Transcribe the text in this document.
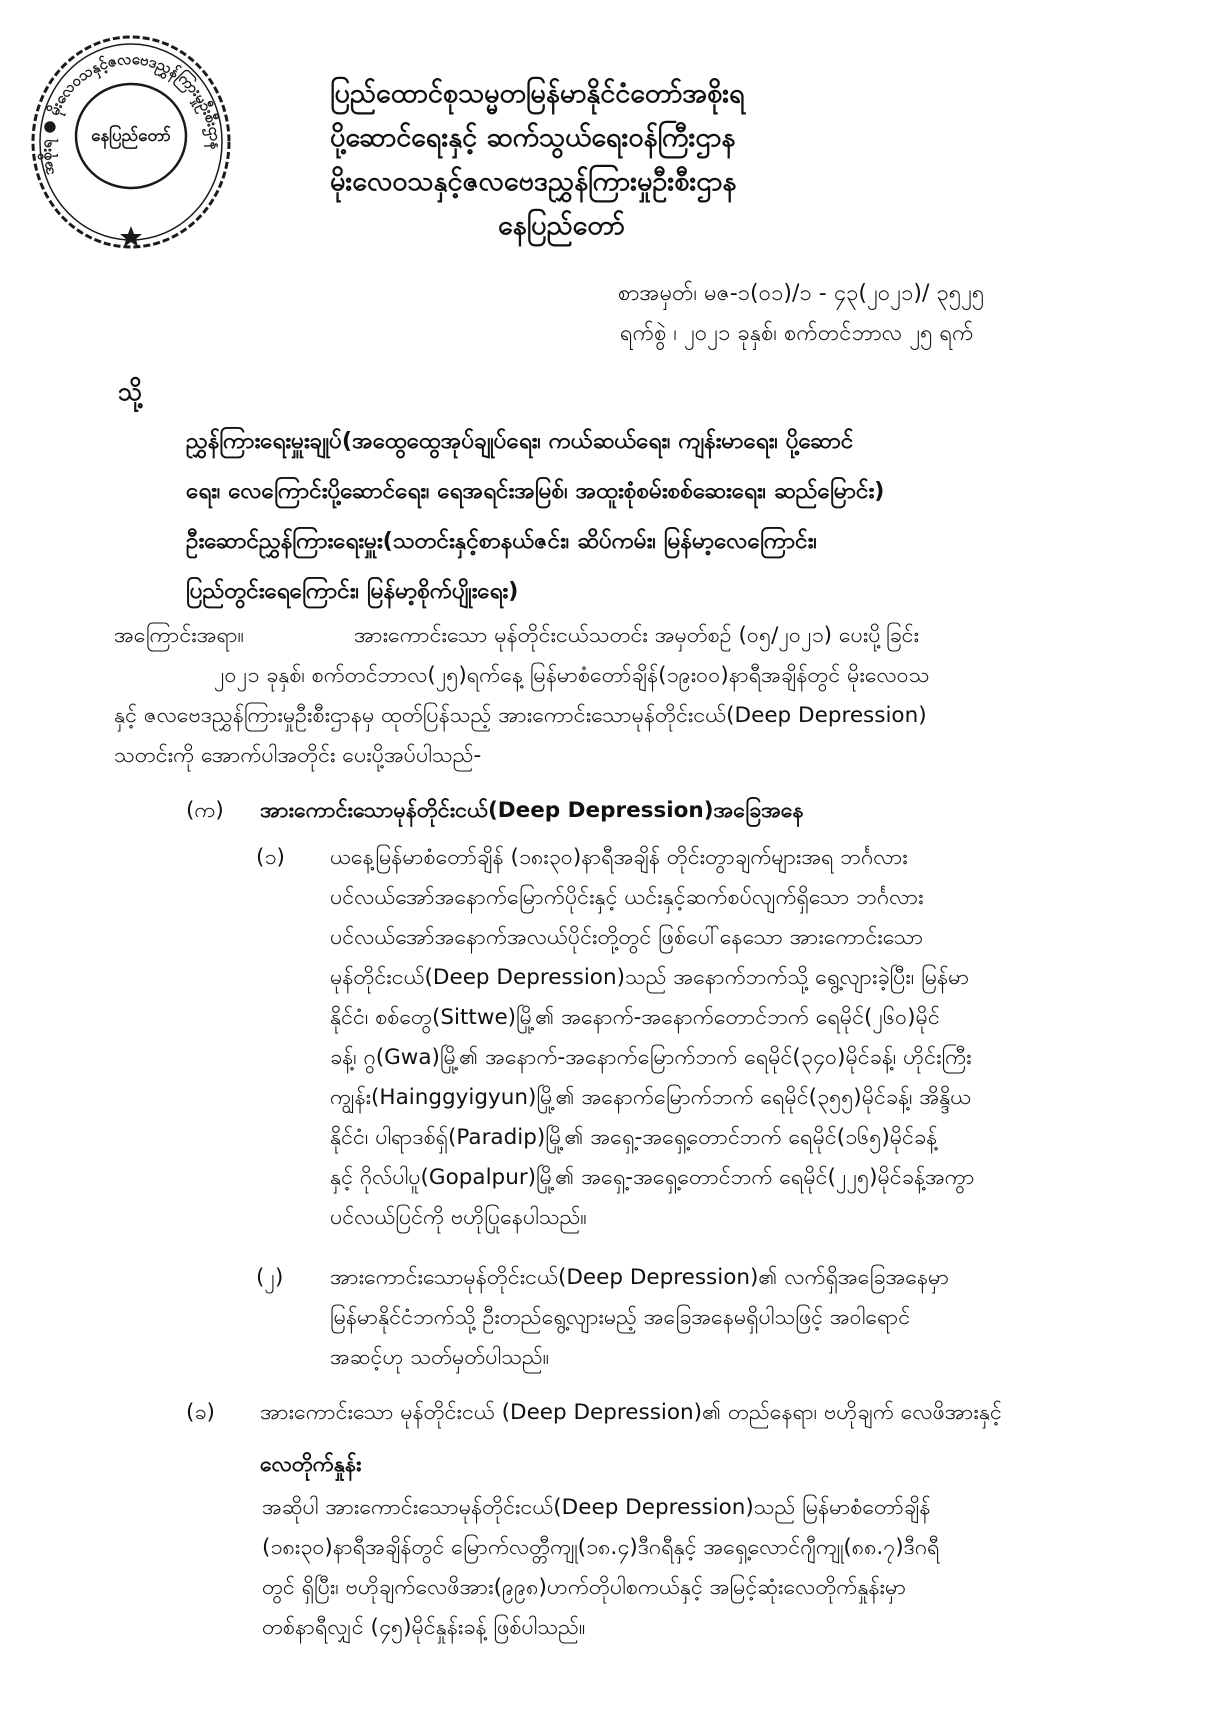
အစိုးရ ● မိုးလေဝသနှင့်ဇလဗေဒညွှန်ကြားမှုဦးစီးဌာန
နေပြည်တော်
ပြည်ထောင်စုသမ္မတမြန်မာနိုင်ငံတော်အစိုးရ
ပို့ဆောင်ရေးနှင့် ဆက်သွယ်ရေးဝန်ကြီးဌာန
မိုးလေဝသနှင့်ဇလဗေဒညွှန်ကြားမှုဦးစီးဌာန
နေပြည်တော်
စာအမှတ်၊ မဇ-၁(၀၁)/၁ - ၄၃(၂၀၂၁)/ ၃၅၂၅
ရက်စွဲ ၊ ၂၀၂၁ ခုနှစ်၊ စက်တင်ဘာလ ၂၅ ရက်
သို့
ညွှန်ကြားရေးမှူးချုပ်(အထွေထွေအုပ်ချုပ်ရေး၊ ကယ်ဆယ်ရေး၊ ကျန်းမာရေး၊ ပို့ဆောင်
ရေး၊ လေကြောင်းပို့ဆောင်ရေး၊ ရေအရင်းအမြစ်၊ အထူးစုံစမ်းစစ်ဆေးရေး၊ ဆည်မြောင်း)
ဦးဆောင်ညွှန်ကြားရေးမှူး(သတင်းနှင့်စာနယ်ဇင်း၊ ဆိပ်ကမ်း၊ မြန်မာ့လေကြောင်း၊
ပြည်တွင်းရေကြောင်း၊ မြန်မာ့စိုက်ပျိုးရေး)
အကြောင်းအရာ။	အားကောင်းသော မုန်တိုင်းငယ်သတင်း အမှတ်စဉ် (၀၅/၂၀၂၁) ပေးပို့ခြင်း
၂၀၂၁ ခုနှစ်၊ စက်တင်ဘာလ(၂၅)ရက်နေ့ မြန်မာစံတော်ချိန်(၁၉း၀၀)နာရီအချိန်တွင် မိုးလေဝသ
နှင့် ဇလဗေဒညွှန်ကြားမှုဦးစီးဌာနမှ ထုတ်ပြန်သည့် အားကောင်းသောမုန်တိုင်းငယ်(Deep Depression)
သတင်းကို အောက်ပါအတိုင်း ပေးပို့အပ်ပါသည်-
(က) အားကောင်းသောမုန်တိုင်းငယ်(Deep Depression)အခြေအနေ
(၁) ယနေ့မြန်မာစံတော်ချိန် (၁၈း၃၀)နာရီအချိန် တိုင်းတွာချက်များအရ ဘင်္ဂလား
ပင်လယ်အော်အနောက်မြောက်ပိုင်းနှင့် ယင်းနှင့်ဆက်စပ်လျက်ရှိသော ဘင်္ဂလား
ပင်လယ်အော်အနောက်အလယ်ပိုင်းတို့တွင် ဖြစ်ပေါ်နေသော အားကောင်းသော
မုန်တိုင်းငယ်(Deep Depression)သည် အနောက်ဘက်သို့ ရွေ့လျားခဲ့ပြီး၊ မြန်မာ
နိုင်ငံ၊ စစ်တွေ(Sittwe)မြို့၏ အနောက်-အနောက်တောင်ဘက် ရေမိုင်(၂၆၀)မိုင်
ခန့်၊ ဂွ(Gwa)မြို့၏ အနောက်-အနောက်မြောက်ဘက် ရေမိုင်(၃၄၀)မိုင်ခန့်၊ ဟိုင်းကြီး
ကျွန်း(Hainggyigyun)မြို့၏ အနောက်မြောက်ဘက် ရေမိုင်(၃၅၅)မိုင်ခန့်၊ အိန္ဒိယ
နိုင်ငံ၊ ပါရာဒစ်ရှ်(Paradip)မြို့၏ အရှေ့-အရှေ့တောင်ဘက် ရေမိုင်(၁၆၅)မိုင်ခန့်
နှင့် ဂိုလ်ပါပူ(Gopalpur)မြို့၏ အရှေ့-အရှေ့တောင်ဘက် ရေမိုင်(၂၂၅)မိုင်ခန့်အကွာ
ပင်လယ်ပြင်ကို ဗဟိုပြုနေပါသည်။
(၂) အားကောင်းသောမုန်တိုင်းငယ်(Deep Depression)၏ လက်ရှိအခြေအနေမှာ
မြန်မာနိုင်ငံဘက်သို့ ဦးတည်ရွေ့လျားမည့် အခြေအနေမရှိပါသဖြင့် အဝါရောင်
အဆင့်ဟု သတ်မှတ်ပါသည်။
(ခ) အားကောင်းသော မုန်တိုင်းငယ် (Deep Depression)၏ တည်နေရာ၊ ဗဟိုချက် လေဖိအားနှင့်
လေတိုက်နှုန်း
အဆိုပါ အားကောင်းသောမုန်တိုင်းငယ်(Deep Depression)သည် မြန်မာစံတော်ချိန်
(၁၈း၃၀)နာရီအချိန်တွင် မြောက်လတ္တီကျု(၁၈.၄)ဒီဂရီနှင့် အရှေ့လောင်ဂျီကျု(၈၈.၇)ဒီဂရီ
တွင် ရှိပြီး၊ ဗဟိုချက်လေဖိအား(၉၉၈)ဟက်တိုပါစကယ်နှင့် အမြင့်ဆုံးလေတိုက်နှုန်းမှာ
တစ်နာရီလျှင် (၄၅)မိုင်နှုန်းခန့် ဖြစ်ပါသည်။
